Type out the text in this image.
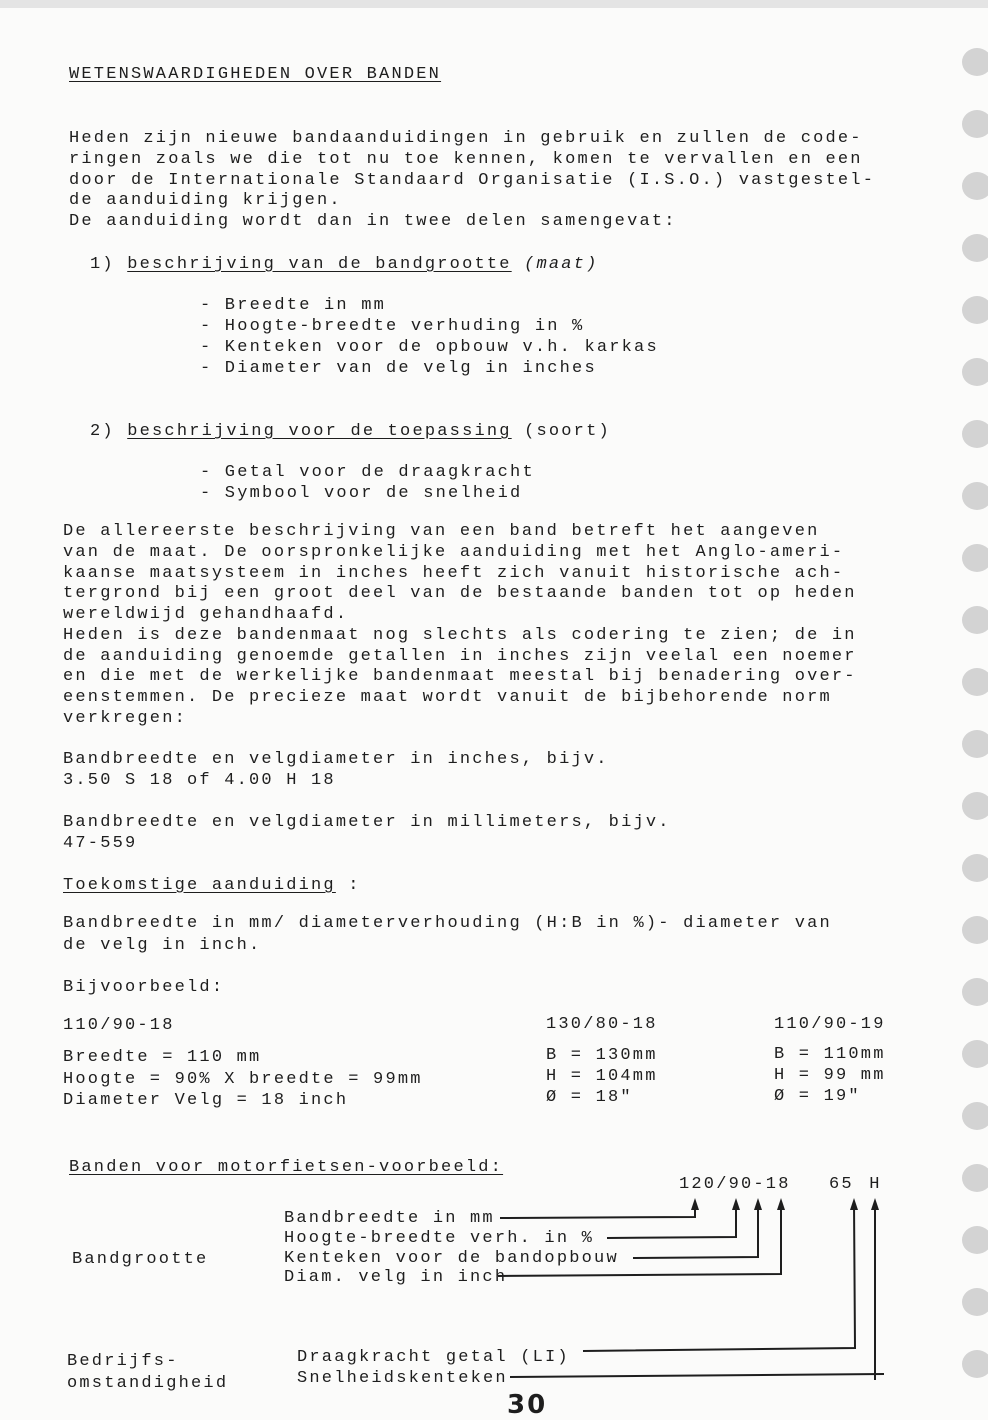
WETENSWAARDIGHEDEN OVER BANDEN
Heden zijn nieuwe bandaanduidingen in gebruik en zullen de code-
ringen zoals we die tot nu toe kennen, komen te vervallen en een
door de Internationale Standaard Organisatie (I.S.O.) vastgestel-
de aanduiding krijgen.
De aanduiding wordt dan in twee delen samengevat:
1) beschrijving van de bandgrootte (maat)
- Breedte in mm
- Hoogte-breedte verhuding in %
- Kenteken voor de opbouw v.h. karkas
- Diameter van de velg in inches
2) beschrijving voor de toepassing (soort)
- Getal voor de draagkracht
- Symbool voor de snelheid
De allereerste beschrijving van een band betreft het aangeven
van de maat. De oorspronkelijke aanduiding met het Anglo-ameri-
kaanse maatsysteem in inches heeft zich vanuit historische ach-
tergrond bij een groot deel van de bestaande banden tot op heden
wereldwijd gehandhaafd.
Heden is deze bandenmaat nog slechts als codering te zien; de in
de aanduiding genoemde getallen in inches zijn veelal een noemer
en die met de werkelijke bandenmaat meestal bij benadering over-
eenstemmen. De precieze maat wordt vanuit de bijbehorende norm
verkregen:
Bandbreedte en velgdiameter in inches, bijv.
3.50 S 18 of 4.00 H 18
Bandbreedte en velgdiameter in millimeters, bijv.
47-559
Toekomstige aanduiding :
Bandbreedte in mm/ diameterverhouding (H:B in %)- diameter van
de velg in inch.
Bijvoorbeeld:
110/90-18
Breedte = 110 mm
Hoogte = 90% X breedte = 99mm
Diameter Velg = 18 inch
130/80-18
B = 130mm
H = 104mm
Ø = 18"
110/90-19
B = 110mm
H = 99 mm
Ø = 19"
Banden voor motorfietsen-voorbeeld:
120/90-18 65 H
Bandgrootte
Bandbreedte in mm
Hoogte-breedte verh. in %
Kenteken voor de bandopbouw
Diam. velg in inch
Bedrijfs-
omstandigheid
Draagkracht getal (LI)
Snelheidskenteken
30
